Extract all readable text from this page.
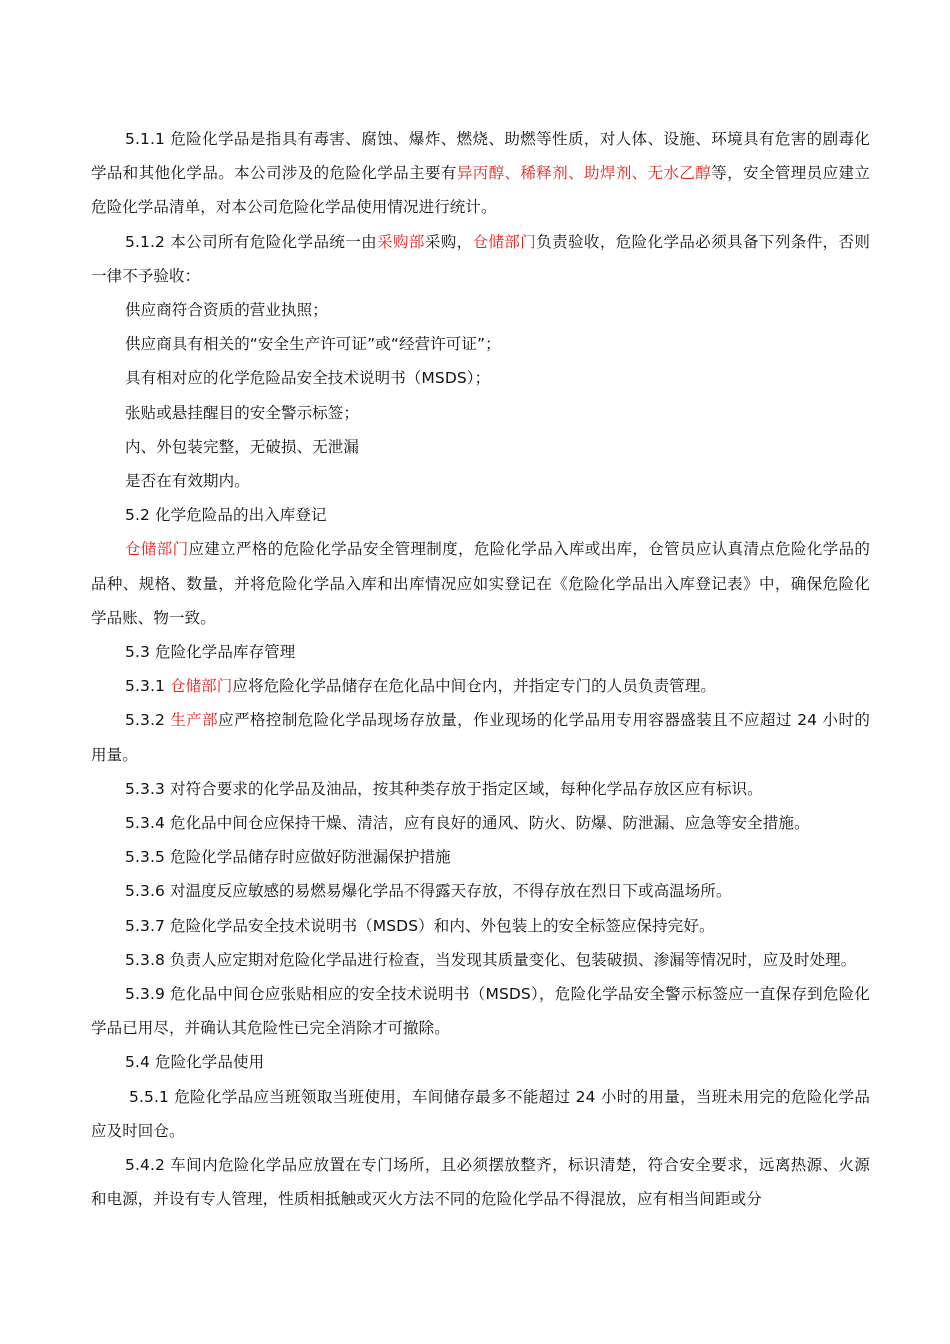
5.1.1 危险化学品是指具有毒害、腐蚀、爆炸、燃烧、助燃等性质，对人体、设施、环境具有危害的剧毒化学品和其他化学品。本公司涉及的危险化学品主要有异丙醇、稀释剂、助焊剂、无水乙醇等，安全管理员应建立危险化学品清单，对本公司危险化学品使用情况进行统计。

5.1.2 本公司所有危险化学品统一由采购部采购，仓储部门负责验收，危险化学品必须具备下列条件，否则一律不予验收：

供应商符合资质的营业执照；

供应商具有相关的“安全生产许可证”或“经营许可证”；

具有相对应的化学危险品安全技术说明书（MSDS）；

张贴或悬挂醒目的安全警示标签；

内、外包装完整，无破损、无泄漏

是否在有效期内。

5.2 化学危险品的出入库登记

仓储部门应建立严格的危险化学品安全管理制度，危险化学品入库或出库，仓管员应认真清点危险化学品的品种、规格、数量，并将危险化学品入库和出库情况应如实登记在《危险化学品出入库登记表》中，确保危险化学品账、物一致。

5.3 危险化学品库存管理

5.3.1 仓储部门应将危险化学品储存在危化品中间仓内，并指定专门的人员负责管理。

5.3.2 生产部应严格控制危险化学品现场存放量，作业现场的化学品用专用容器盛装且不应超过 24 小时的用量。

5.3.3 对符合要求的化学品及油品，按其种类存放于指定区域，每种化学品存放区应有标识。

5.3.4 危化品中间仓应保持干燥、清洁，应有良好的通风、防火、防爆、防泄漏、应急等安全措施。

5.3.5 危险化学品储存时应做好防泄漏保护措施

5.3.6 对温度反应敏感的易燃易爆化学品不得露天存放，不得存放在烈日下或高温场所。

5.3.7 危险化学品安全技术说明书（MSDS）和内、外包装上的安全标签应保持完好。

5.3.8 负责人应定期对危险化学品进行检查，当发现其质量变化、包装破损、渗漏等情况时，应及时处理。

5.3.9 危化品中间仓应张贴相应的安全技术说明书（MSDS），危险化学品安全警示标签应一直保存到危险化学品已用尽，并确认其危险性已完全消除才可撤除。

5.4 危险化学品使用

5.5.1 危险化学品应当班领取当班使用，车间储存最多不能超过 24 小时的用量，当班未用完的危险化学品应及时回仓。

5.4.2 车间内危险化学品应放置在专门场所，且必须摆放整齐，标识清楚，符合安全要求，远离热源、火源和电源，并设有专人管理，性质相抵触或灭火方法不同的危险化学品不得混放，应有相当间距或分
